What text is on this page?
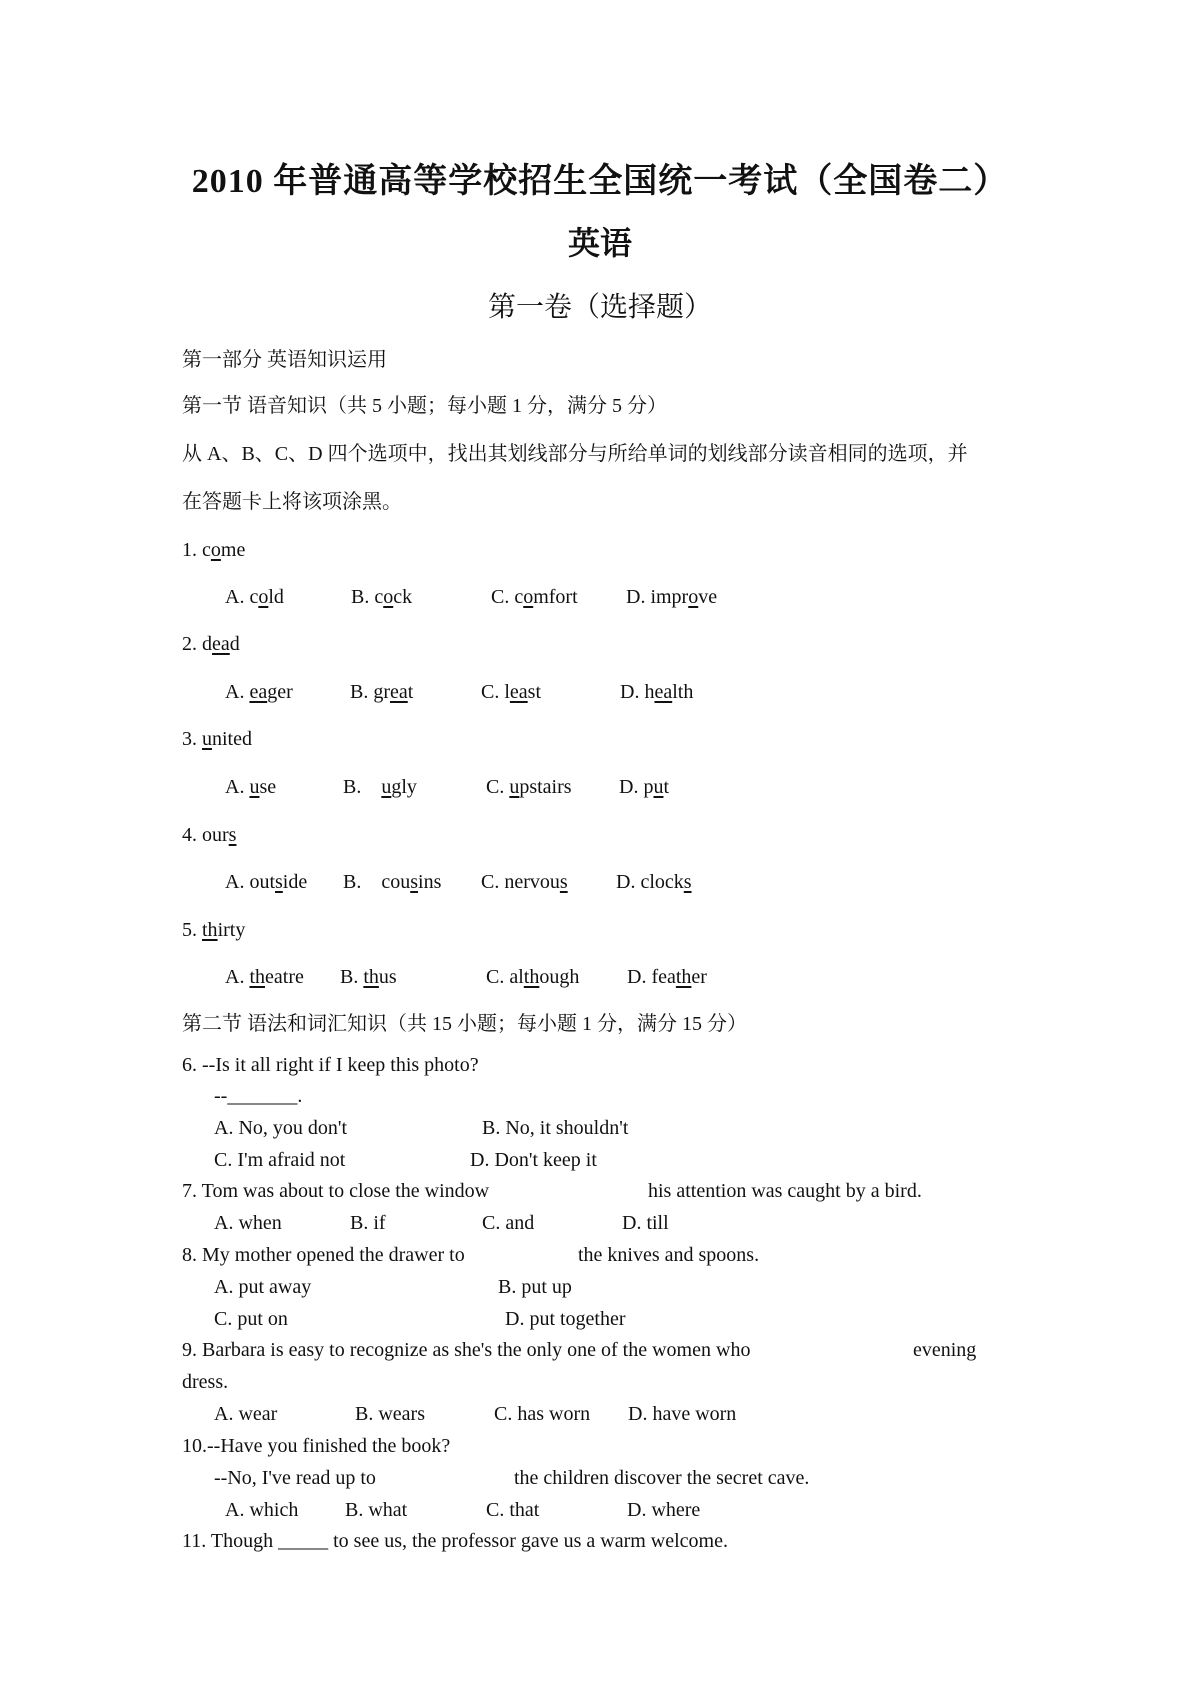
2010 年普通高等学校招生全国统一考试（全国卷二）
英语
第一卷（选择题）
第一部分 英语知识运用
第一节 语音知识（共 5 小题；每小题 1 分，满分 5 分）
从 A、B、C、D 四个选项中，找出其划线部分与所给单词的划线部分读音相同的选项，并
在答题卡上将该项涂黑。
1. come
A. cold	B. cock	C. comfort D. improve
2. dead
A. eager	B. great	C. least	D. health
3. united
A. use	B.    ugly	C. upstairs D. put
4. ours
A. outside B.    cousins C. nervous D. clocks
5. thirty
A. theatre B. thus	C. although D. feather
第二节 语法和词汇知识（共 15 小题；每小题 1 分，满分 15 分）
6. --Is it all right if I keep this photo?
--_______.
A. No, you don't	B. No, it shouldn't
C. I'm afraid not	D. Don't keep it
7. Tom was about to close the window	his attention was caught by a bird.
A. when	B. if	C. and	D. till
8. My mother opened the drawer to	the knives and spoons.
A. put away	B. put up
C. put on	D. put together
9. Barbara is easy to recognize as she's the only one of the women who	evening
dress.
A. wear	B. wears	C. has worn D. have worn
10.--Have you finished the book?
--No, I've read up to	the children discover the secret cave.
A. which B. what	C. that	D. where
11. Though _____ to see us, the professor gave us a warm welcome.
